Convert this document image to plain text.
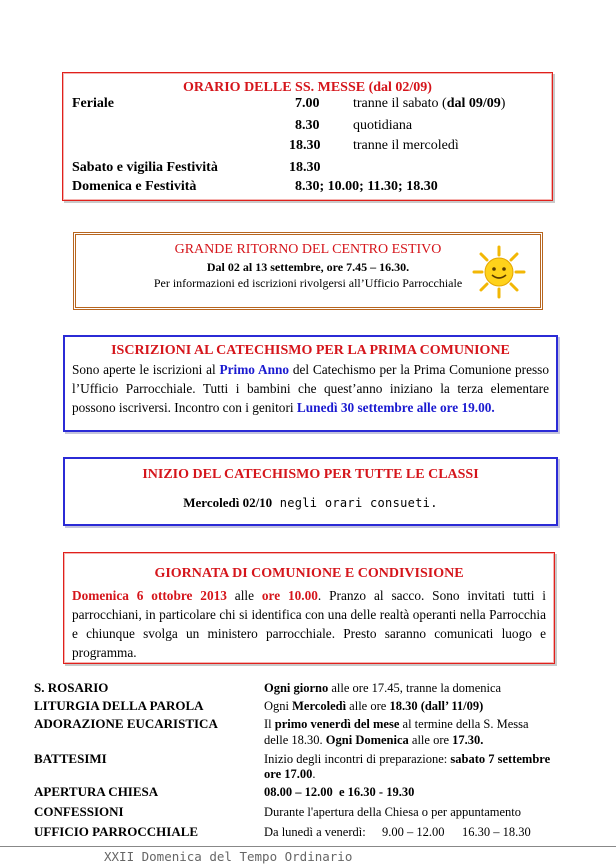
ORARIO DELLE SS. MESSE (dal 02/09)
Feriale	7.00 tranne il sabato (dal 09/09)
8.30 quotidiana
18.30 tranne il mercoledì
Sabato e vigilia Festività	18.30
Domenica e Festività	8.30; 10.00; 11.30; 18.30
GRANDE RITORNO DEL CENTRO ESTIVO
Dal 02 al 13 settembre, ore 7.45 – 16.30.
Per informazioni ed iscrizioni rivolgersi all’Ufficio Parrocchiale
ISCRIZIONI AL CATECHISMO PER LA PRIMA COMUNIONE
Sono aperte le iscrizioni al Primo Anno del Catechismo per la Prima Comunione presso l’Ufficio Parrocchiale. Tutti i bambini che quest’anno iniziano la terza elementare possono iscriversi. Incontro con i genitori Lunedì 30 settembre alle ore 19.00.
INIZIO DEL CATECHISMO PER TUTTE LE CLASSI
Mercoledì 02/10 negli orari consueti.
GIORNATA DI COMUNIONE E CONDIVISIONE
Domenica 6 ottobre 2013 alle ore 10.00. Pranzo al sacco. Sono invitati tutti i parrocchiani, in particolare chi si identifica con una delle realtà operanti nella Parrocchia e chiunque svolga un ministero parrocchiale. Presto saranno comunicati luogo e programma.
S. ROSARIO	Ogni giorno alle ore 17.45, tranne la domenica
LITURGIA DELLA PAROLA	Ogni Mercoledì alle ore 18.30 (dall’ 11/09)
ADORAZIONE EUCARISTICA	Il primo venerdì del mese al termine della S. Messa
delle 18.30. Ogni Domenica alle ore 17.30.
BATTESIMI	Inizio degli incontri di preparazione: sabato 7 settembre
ore 17.00.
APERTURA CHIESA	08.00 – 12.00  e 16.30 - 19.30
CONFESSIONI	Durante l'apertura della Chiesa o per appuntamento
UFFICIO PARROCCHIALE	Da lunedì a venerdì: 9.00 – 12.00 16.30 – 18.30
XXII Domenica del Tempo Ordinario
